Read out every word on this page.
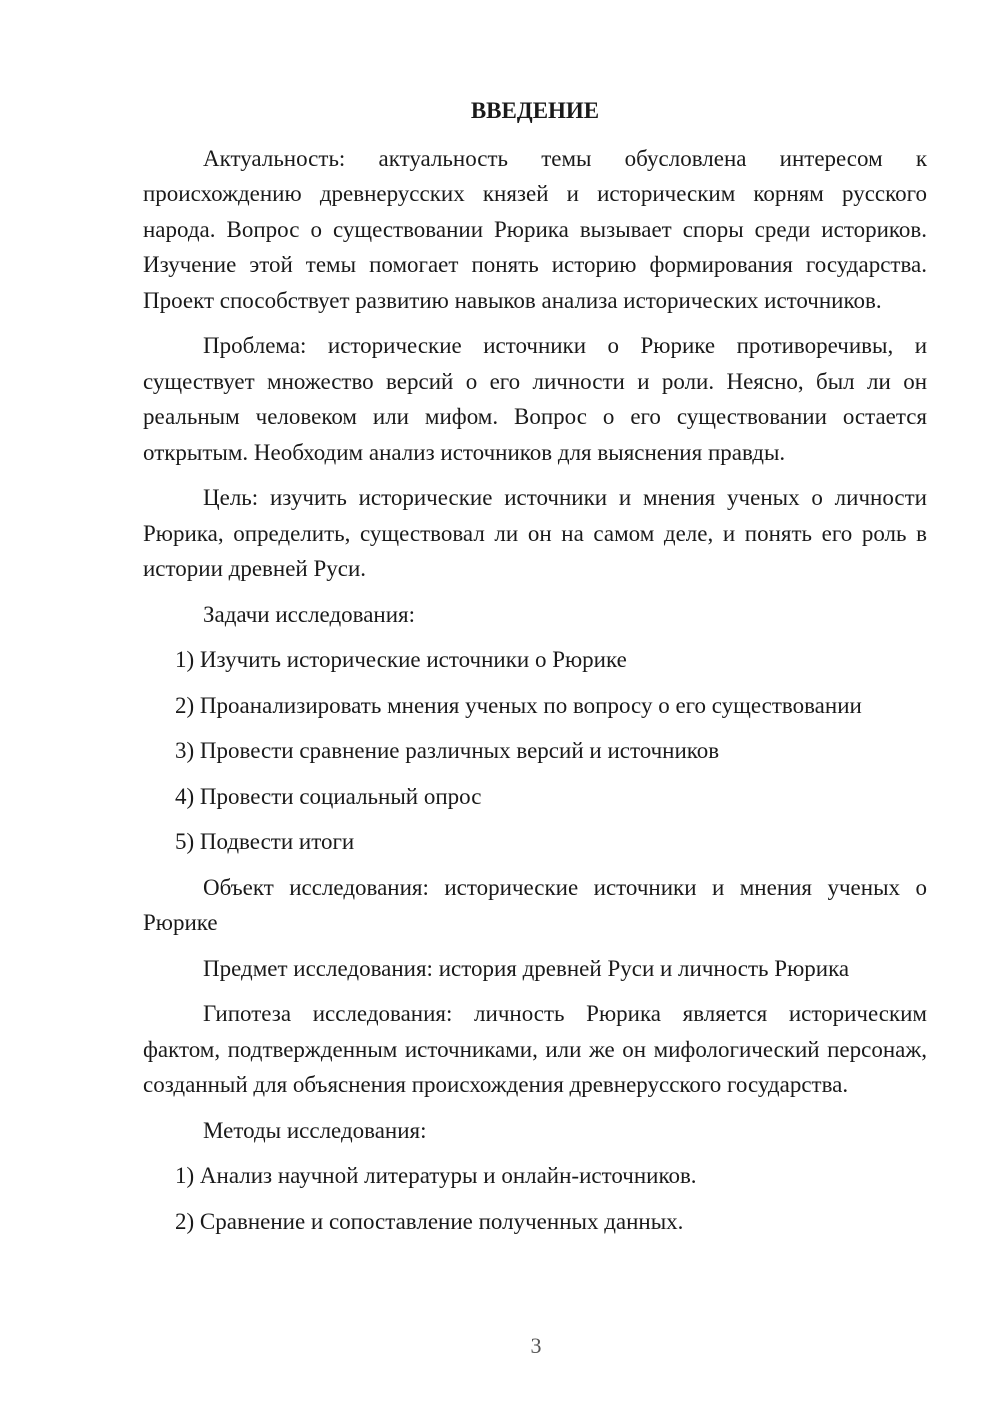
ВВЕДЕНИЕ

Актуальность: актуальность темы обусловлена интересом к происхождению древнерусских князей и историческим корням русского народа. Вопрос о существовании Рюрика вызывает споры среди историков. Изучение этой темы помогает понять историю формирования государства. Проект способствует развитию навыков анализа исторических источников.

Проблема: исторические источники о Рюрике противоречивы, и существует множество версий о его личности и роли. Неясно, был ли он реальным человеком или мифом. Вопрос о его существовании остается открытым. Необходим анализ источников для выяснения правды.

Цель: изучить исторические источники и мнения ученых о личности Рюрика, определить, существовал ли он на самом деле, и понять его роль в истории древней Руси.

Задачи исследования:

1) Изучить исторические источники о Рюрике

2) Проанализировать мнения ученых по вопросу о его существовании

3) Провести сравнение различных версий и источников

4) Провести социальный опрос

5) Подвести итоги

Объект исследования: исторические источники и мнения ученых о Рюрике

Предмет исследования: история древней Руси и личность Рюрика

Гипотеза исследования: личность Рюрика является историческим фактом, подтвержденным источниками, или же он мифологический персонаж, созданный для объяснения происхождения древнерусского государства.

Методы исследования:

1) Анализ научной литературы и онлайн-источников.

2) Сравнение и сопоставление полученных данных.

3
